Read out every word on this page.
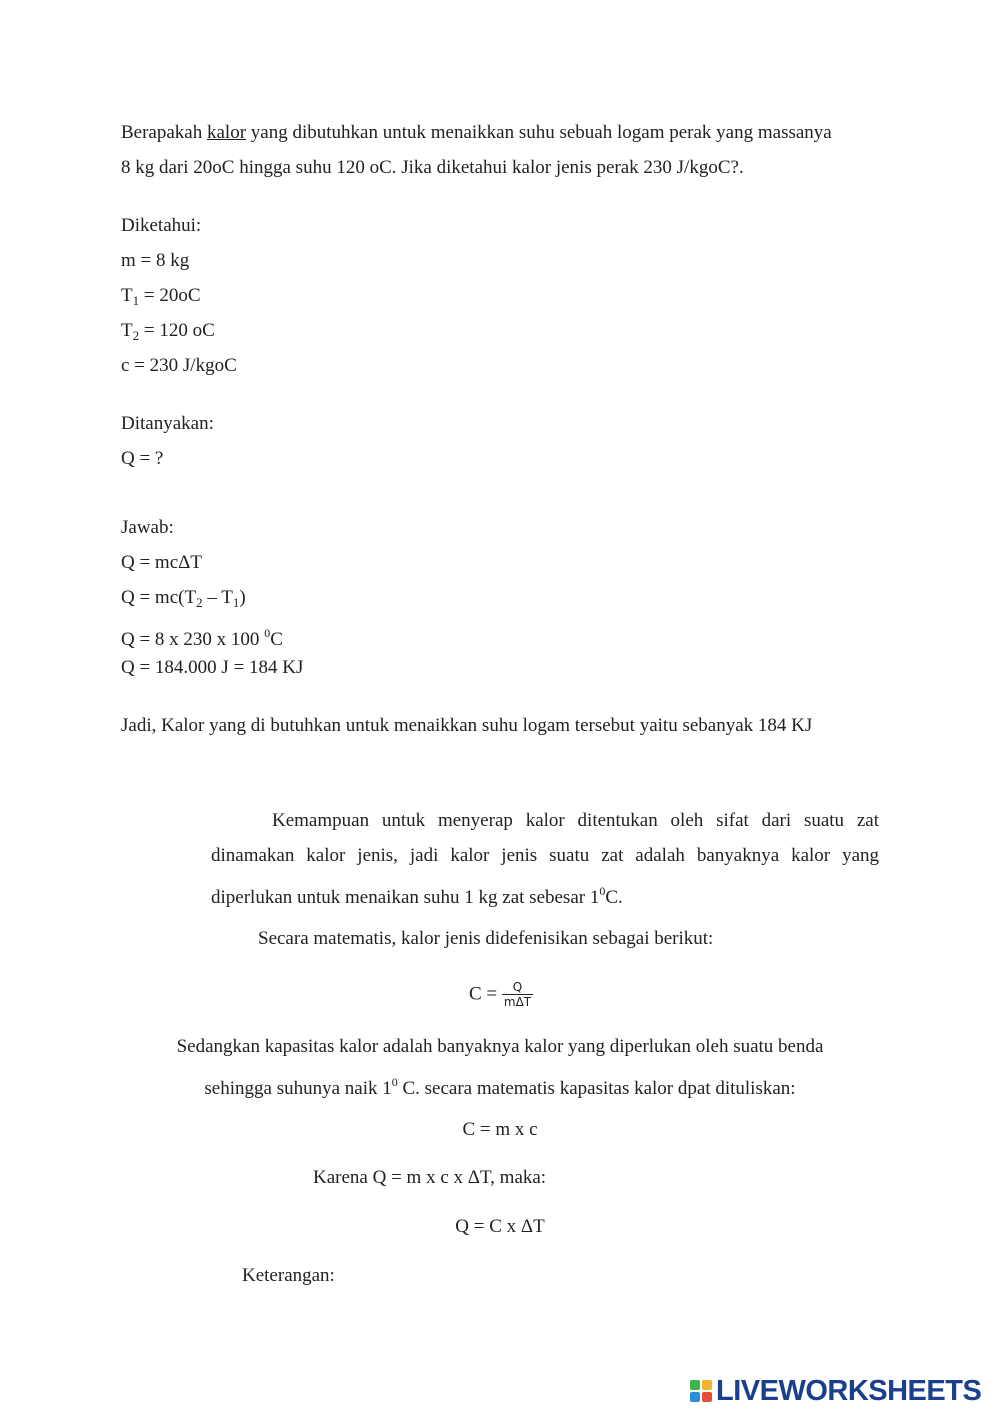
Berapakah kalor yang dibutuhkan untuk menaikkan suhu sebuah logam perak yang massanya
8 kg dari 20oC hingga suhu 120 oC. Jika diketahui kalor jenis perak 230 J/kgoC?.
Diketahui:
m = 8 kg
$T_1 = 20oC$
$T_2 = 120$ oC
c = 230 J/kgoC
Ditanyakan:
Q = ?
Jawab:
Q = mcΔT
$Q = mc(T_2 - T_1)$
Q = 8 x 230 x 100 $^0$C
Q = 184.000 J = 184 KJ
Jadi, Kalor yang di butuhkan untuk menaikkan suhu logam tersebut yaitu sebanyak 184 KJ
Kemampuan untuk menyerap kalor ditentukan oleh sifat dari suatu zat
dinamakan kalor jenis, jadi kalor jenis suatu zat adalah banyaknya kalor yang
diperlukan untuk menaikan suhu 1 kg zat sebesar $1^0C$.
Secara matematis, kalor jenis didefenisikan sebagai berikut:
$C = \frac{Q}{\text{mΔT}}$
Sedangkan kapasitas kalor adalah banyaknya kalor yang diperlukan oleh suatu benda
sehingga suhunya naik $1^0$ C. secara matematis kapasitas kalor dpat dituliskan:
C = m x c
Karena Q = m x c x ΔT, maka:
Q = C x ΔT
Keterangan:
LIVEWORKSHEETS
